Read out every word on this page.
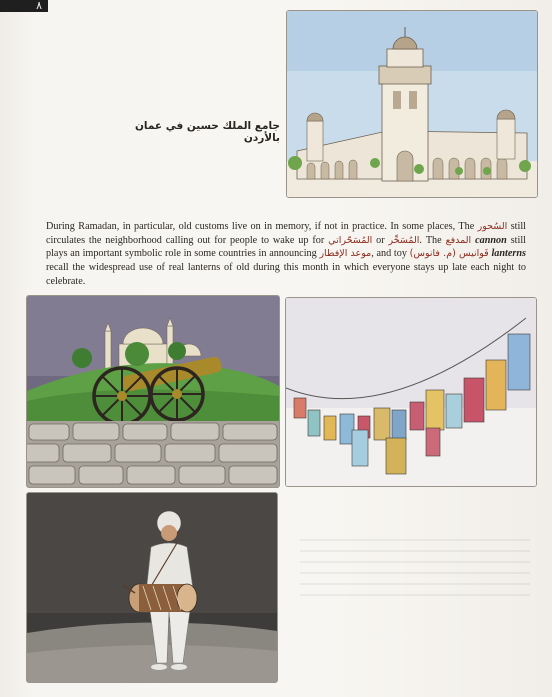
٨
جامع الملك حسين في عمان بالأردن

During Ramadan, in particular, old customs live on in memory, if not in practice. In some places, The السُحور still circulates the neighborhood calling out for people to wake up for المُسَحّراتي or المُسَحِّر. The المدفع cannon still plays an important symbolic role in some countries in announcing موعد الإفطار, and toy (م. فانوس) فَوانيس lanterns recall the widespread use of real lanterns of old during this month in which everyone stays up late each night to celebrate.
